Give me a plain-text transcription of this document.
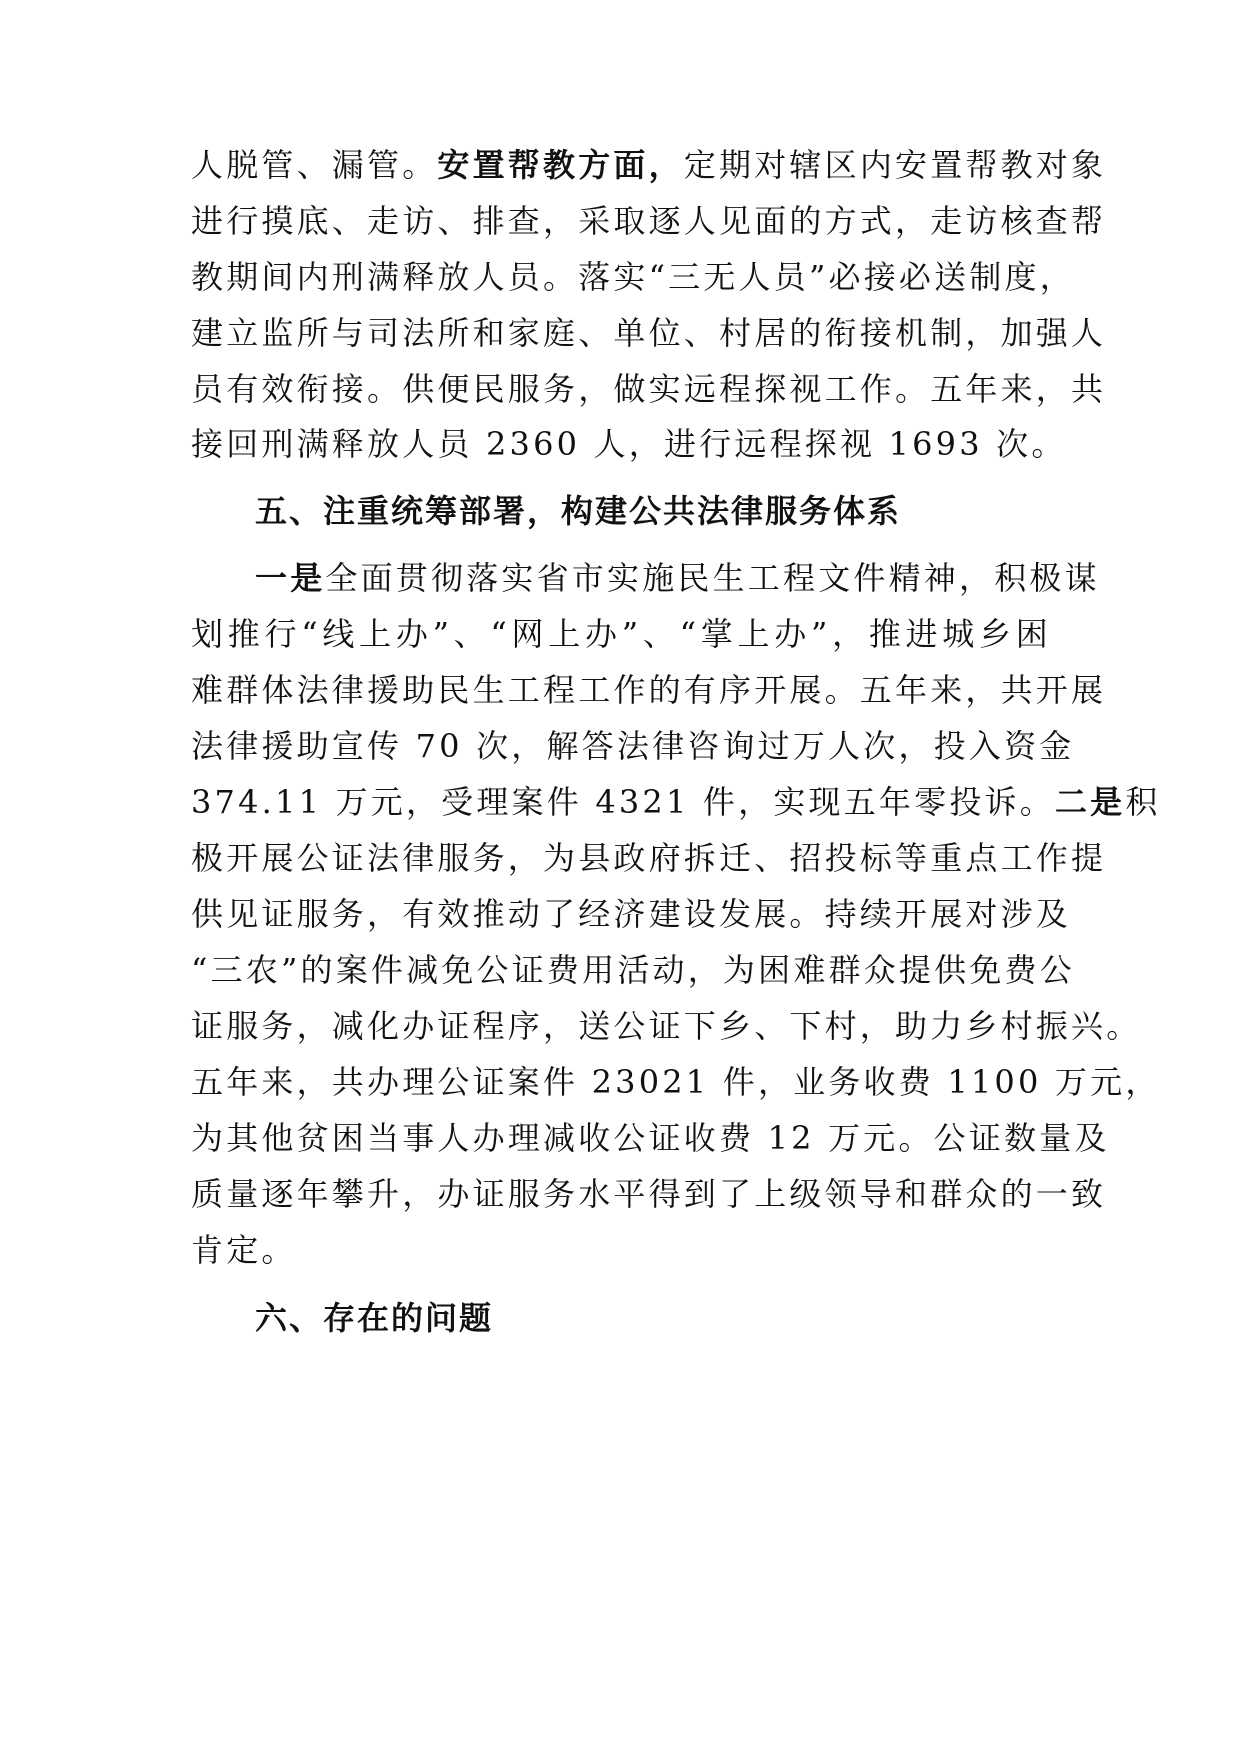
人脱管、漏管。安置帮教方面，定期对辖区内安置帮教对象
进行摸底、走访、排查，采取逐人见面的方式，走访核查帮
教期间内刑满释放人员。落实“三无人员”必接必送制度，
建立监所与司法所和家庭、单位、村居的衔接机制，加强人
员有效衔接。供便民服务，做实远程探视工作。五年来，共
接回刑满释放人员 2360 人，进行远程探视 1693 次。
五、注重统筹部署，构建公共法律服务体系
一是全面贯彻落实省市实施民生工程文件精神，积极谋
划推行“线上办”、“网上办”、“掌上办”，推进城乡困
难群体法律援助民生工程工作的有序开展。五年来，共开展
法律援助宣传 70 次，解答法律咨询过万人次，投入资金
374.11 万元，受理案件 4321 件，实现五年零投诉。二是积
极开展公证法律服务，为县政府拆迁、招投标等重点工作提
供见证服务，有效推动了经济建设发展。持续开展对涉及
“三农”的案件减免公证费用活动，为困难群众提供免费公
证服务，减化办证程序，送公证下乡、下村，助力乡村振兴。
五年来，共办理公证案件 23021 件，业务收费 1100 万元，
为其他贫困当事人办理减收公证收费 12 万元。公证数量及
质量逐年攀升，办证服务水平得到了上级领导和群众的一致
肯定。
六、存在的问题
